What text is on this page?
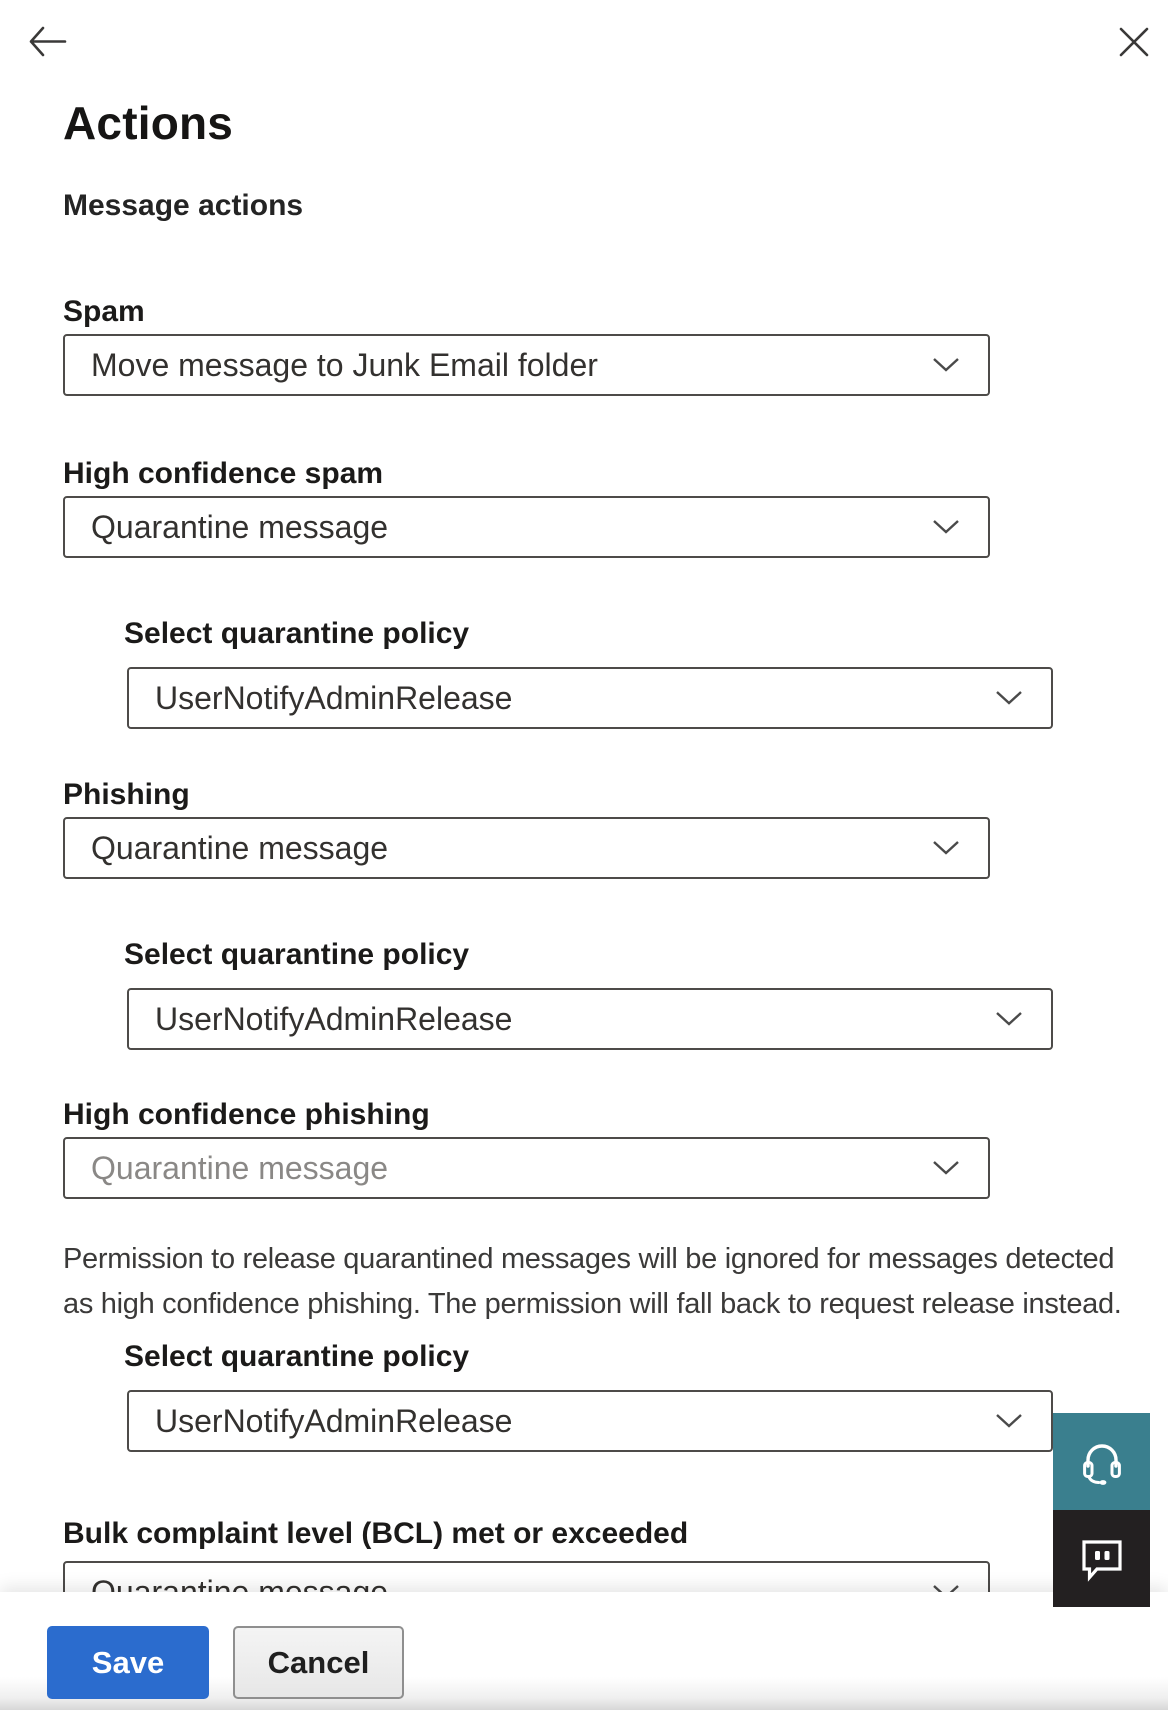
Actions
Message actions
Spam
Move message to Junk Email folder
High confidence spam
Quarantine message
Select quarantine policy
UserNotifyAdminRelease
Phishing
Quarantine message
Select quarantine policy
UserNotifyAdminRelease
High confidence phishing
Quarantine message
Permission to release quarantined messages will be ignored for messages detected as high confidence phishing. The permission will fall back to request release instead.
Select quarantine policy
UserNotifyAdminRelease
Bulk complaint level (BCL) met or exceeded
Save	Cancel
